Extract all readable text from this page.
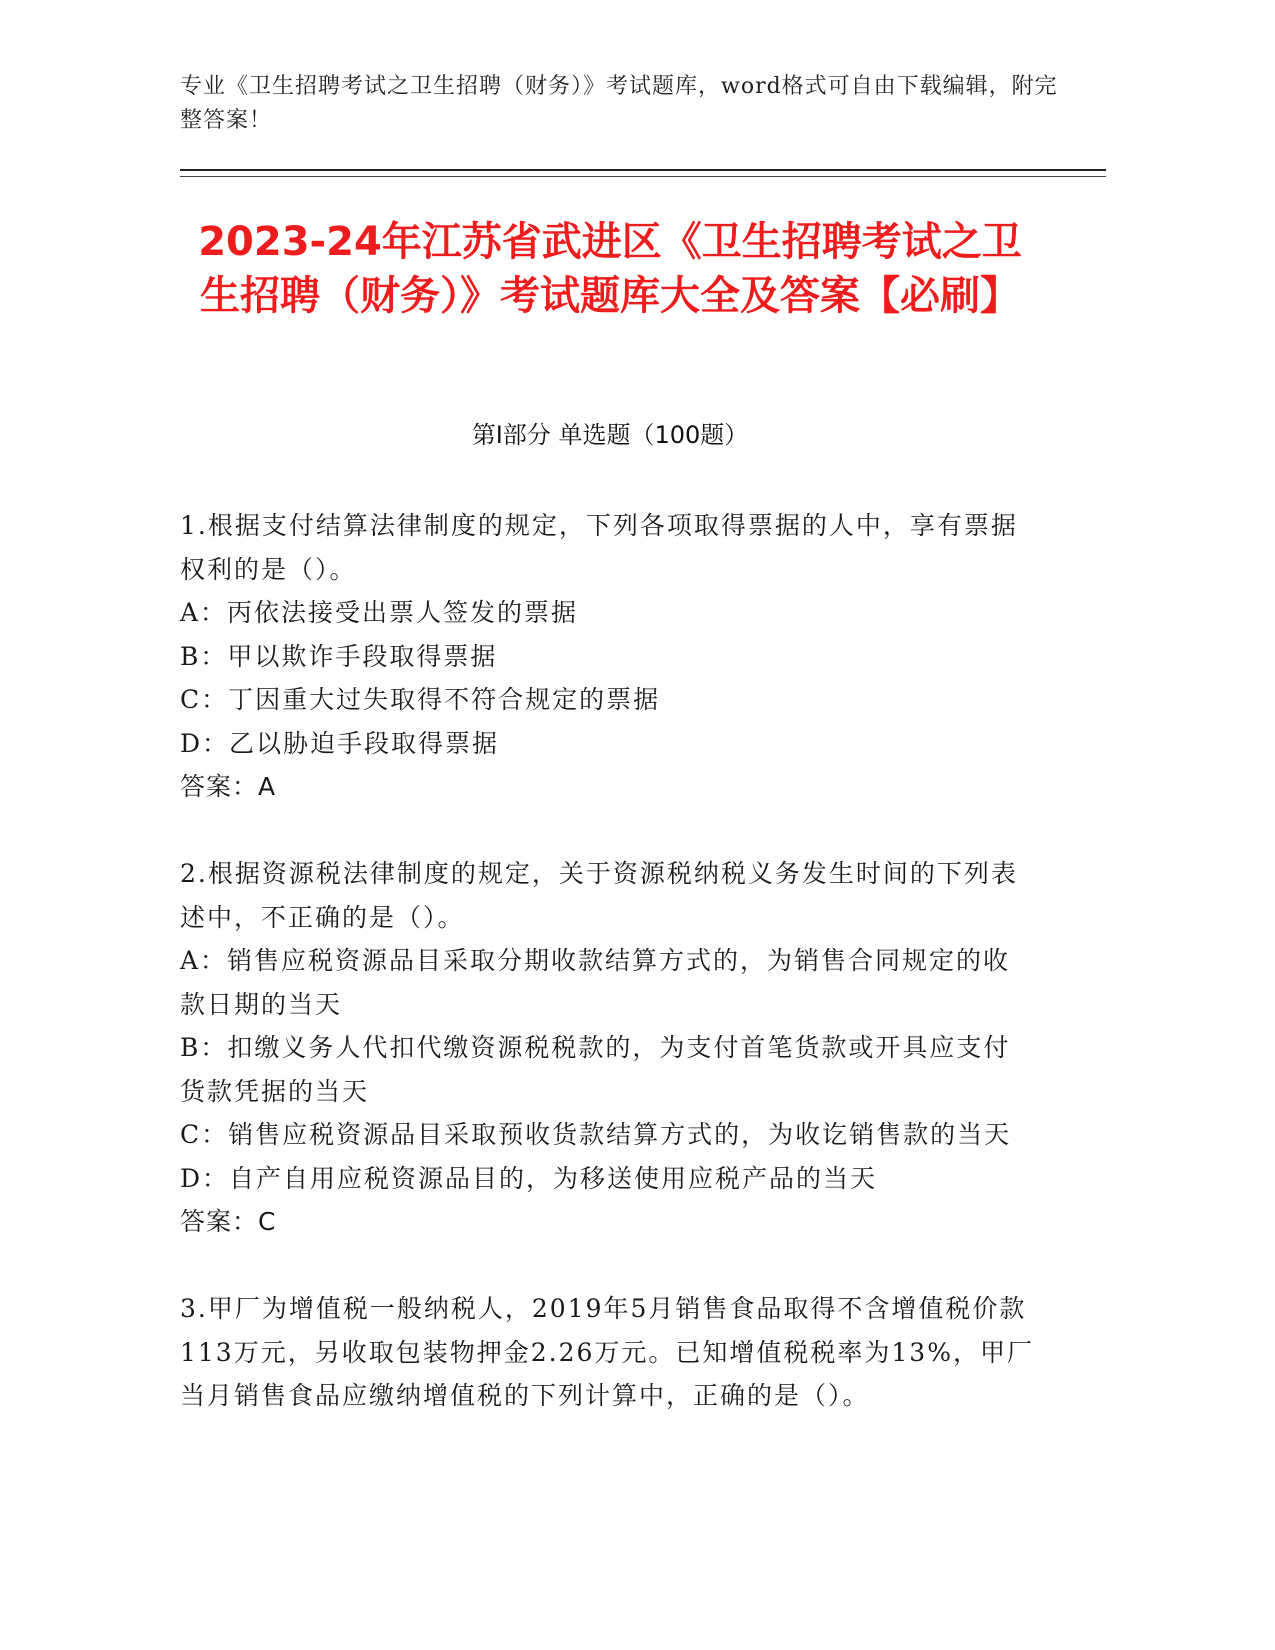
专业《卫生招聘考试之卫生招聘（财务）》考试题库，word格式可自由下载编辑，附完整答案！
2023-24年江苏省武进区《卫生招聘考试之卫生招聘（财务）》考试题库大全及答案【必刷】
第I部分 单选题（100题）

1.根据支付结算法律制度的规定，下列各项取得票据的人中，享有票据权利的是（）。

A：丙依法接受出票人签发的票据

B：甲以欺诈手段取得票据

C：丁因重大过失取得不符合规定的票据

D：乙以胁迫手段取得票据

答案：A

2.根据资源税法律制度的规定，关于资源税纳税义务发生时间的下列表述中，不正确的是（）。

A：销售应税资源品目采取分期收款结算方式的，为销售合同规定的收款日期的当天

B：扣缴义务人代扣代缴资源税税款的，为支付首笔货款或开具应支付货款凭据的当天

C：销售应税资源品目采取预收货款结算方式的，为收讫销售款的当天

D：自产自用应税资源品目的，为移送使用应税产品的当天

答案：C

3.甲厂为增值税一般纳税人，2019年5月销售食品取得不含增值税价款113万元，另收取包装物押金2.26万元。已知增值税税率为13%，甲厂当月销售食品应缴纳增值税的下列计算中，正确的是（）。
